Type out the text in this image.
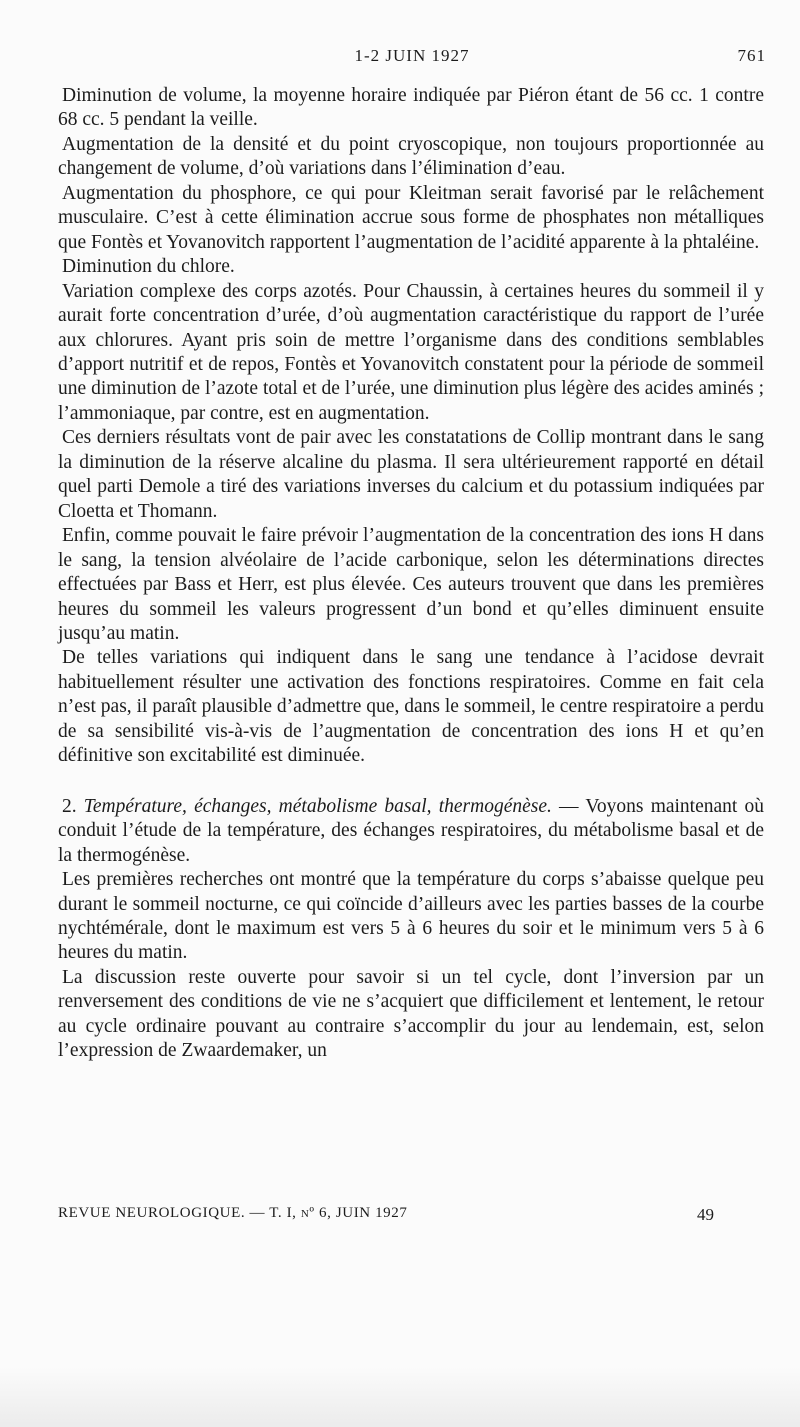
1-2 JUIN 1927	761

Diminution de volume, la moyenne horaire indiquée par Piéron étant de 56 cc. 1 contre 68 cc. 5 pendant la veille.

Augmentation de la densité et du point cryoscopique, non toujours proportionnée au changement de volume, d’où variations dans l’élimination d’eau.

Augmentation du phosphore, ce qui pour Kleitman serait favorisé par le relâchement musculaire. C’est à cette élimination accrue sous forme de phosphates non métalliques que Fontès et Yovanovitch rapportent l’augmentation de l’acidité apparente à la phtaléine.

Diminution du chlore.

Variation complexe des corps azotés. Pour Chaussin, à certaines heures du sommeil il y aurait forte concentration d’urée, d’où augmentation caractéristique du rapport de l’urée aux chlorures. Ayant pris soin de mettre l’organisme dans des conditions semblables d’apport nutritif et de repos, Fontès et Yovanovitch constatent pour la période de sommeil une diminution de l’azote total et de l’urée, une diminution plus légère des acides aminés ; l’ammoniaque, par contre, est en augmentation.

Ces derniers résultats vont de pair avec les constatations de Collip montrant dans le sang la diminution de la réserve alcaline du plasma. Il sera ultérieurement rapporté en détail quel parti Demole a tiré des variations inverses du calcium et du potassium indiquées par Cloetta et Thomann.

Enfin, comme pouvait le faire prévoir l’augmentation de la concentration des ions H dans le sang, la tension alvéolaire de l’acide carbonique, selon les déterminations directes effectuées par Bass et Herr, est plus élevée. Ces auteurs trouvent que dans les premières heures du sommeil les valeurs progressent d’un bond et qu’elles diminuent ensuite jusqu’au matin.

De telles variations qui indiquent dans le sang une tendance à l’acidose devrait habituellement résulter une activation des fonctions respiratoires. Comme en fait cela n’est pas, il paraît plausible d’admettre que, dans le sommeil, le centre respiratoire a perdu de sa sensibilité vis-à-vis de l’augmentation de concentration des ions H et qu’en définitive son excitabilité est diminuée.

2. Température, échanges, métabolisme basal, thermogénèse. — Voyons maintenant où conduit l’étude de la température, des échanges respiratoires, du métabolisme basal et de la thermogénèse.

Les premières recherches ont montré que la température du corps s’abaisse quelque peu durant le sommeil nocturne, ce qui coïncide d’ailleurs avec les parties basses de la courbe nychtémérale, dont le maximum est vers 5 à 6 heures du soir et le minimum vers 5 à 6 heures du matin.

La discussion reste ouverte pour savoir si un tel cycle, dont l’inversion par un renversement des conditions de vie ne s’acquiert que difficilement et lentement, le retour au cycle ordinaire pouvant au contraire s’accomplir du jour au lendemain, est, selon l’expression de Zwaardemaker, un

REVUE NEUROLOGIQUE. — T. I, nº 6, JUIN 1927	49
